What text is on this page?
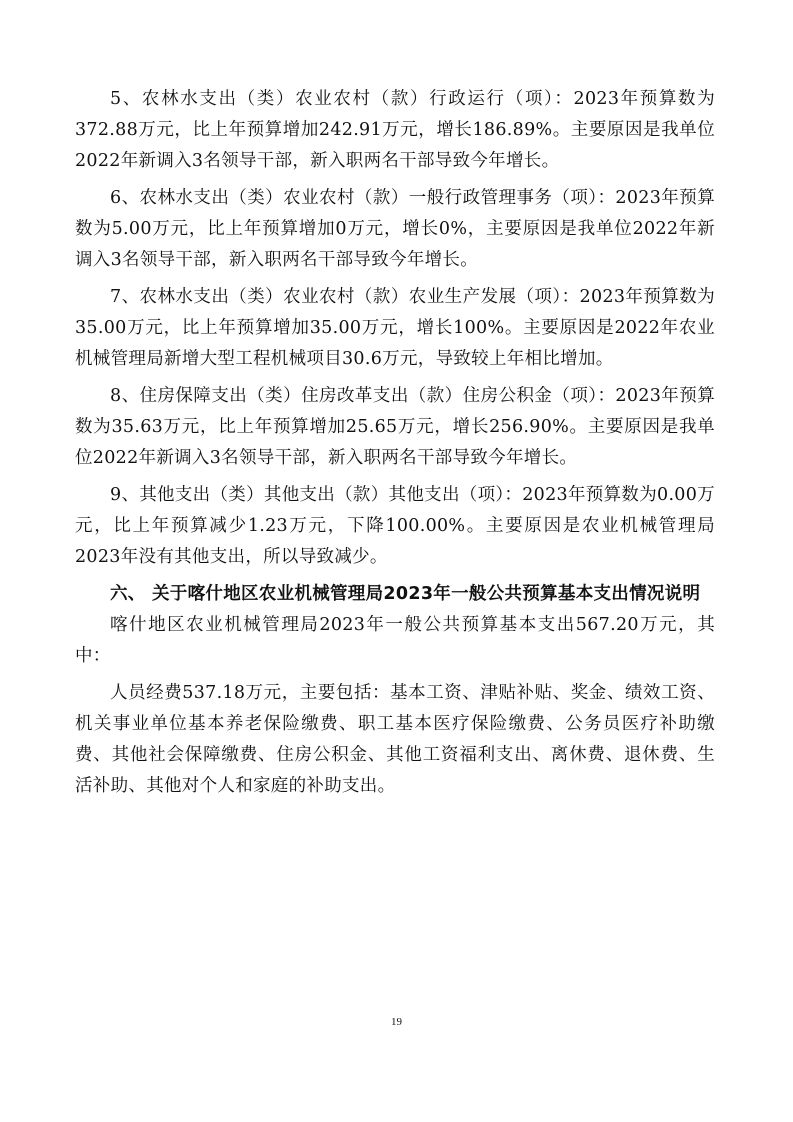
5、农林水支出（类）农业农村（款）行政运行（项）：2023年预算数为372.88万元，比上年预算增加242.91万元，增长186.89%。主要原因是我单位2022年新调入3名领导干部，新入职两名干部导致今年增长。

6、农林水支出（类）农业农村（款）一般行政管理事务（项）：2023年预算数为5.00万元，比上年预算增加0万元，增长0%，主要原因是我单位2022年新调入3名领导干部，新入职两名干部导致今年增长。

7、农林水支出（类）农业农村（款）农业生产发展（项）：2023年预算数为35.00万元，比上年预算增加35.00万元，增长100%。主要原因是2022年农业机械管理局新增大型工程机械项目30.6万元，导致较上年相比增加。

8、住房保障支出（类）住房改革支出（款）住房公积金（项）：2023年预算数为35.63万元，比上年预算增加25.65万元，增长256.90%。主要原因是我单位2022年新调入3名领导干部，新入职两名干部导致今年增长。

9、其他支出（类）其他支出（款）其他支出（项）：2023年预算数为0.00万元，比上年预算减少1.23万元，下降100.00%。主要原因是农业机械管理局2023年没有其他支出，所以导致减少。

六、 关于喀什地区农业机械管理局2023年一般公共预算基本支出情况说明

喀什地区农业机械管理局2023年一般公共预算基本支出567.20万元，其中：

人员经费537.18万元，主要包括：基本工资、津贴补贴、奖金、绩效工资、机关事业单位基本养老保险缴费、职工基本医疗保险缴费、公务员医疗补助缴费、其他社会保障缴费、住房公积金、其他工资福利支出、离休费、退休费、生活补助、其他对个人和家庭的补助支出。

19
